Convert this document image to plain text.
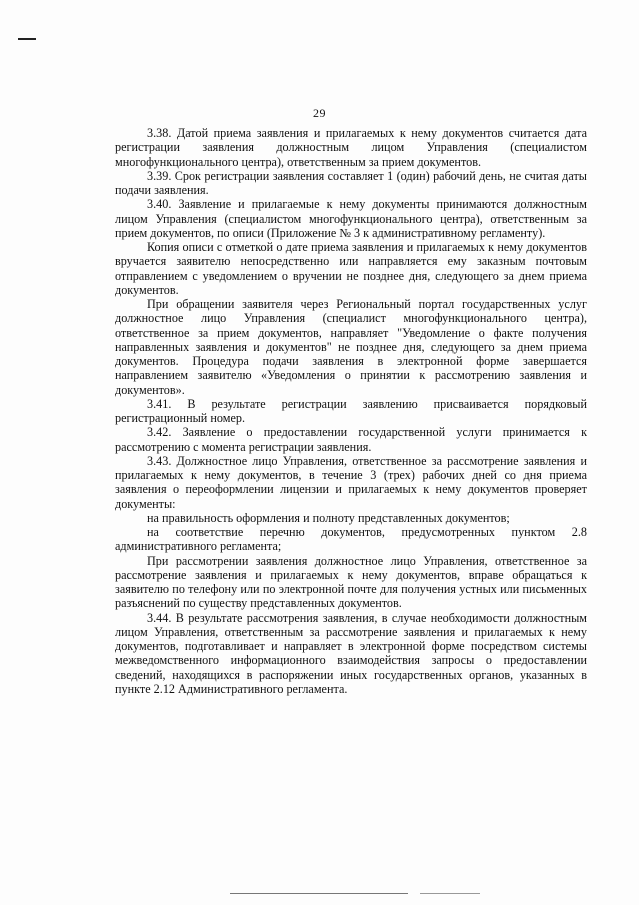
29

3.38. Датой приема заявления и прилагаемых к нему документов считается дата регистрации заявления должностным лицом Управления (специалистом многофункционального центра), ответственным за прием документов.

3.39. Срок регистрации заявления составляет 1 (один) рабочий день, не считая даты подачи заявления.

3.40. Заявление и прилагаемые к нему документы принимаются должностным лицом Управления (специалистом многофункционального центра), ответственным за прием документов, по описи (Приложение № 3 к административному регламенту).

Копия описи с отметкой о дате приема заявления и прилагаемых к нему документов вручается заявителю непосредственно или направляется ему заказным почтовым отправлением с уведомлением о вручении не позднее дня, следующего за днем приема документов.

При обращении заявителя через Региональный портал государственных услуг должностное лицо Управления (специалист многофункционального центра), ответственное за прием документов, направляет "Уведомление о факте получения направленных заявления и документов" не позднее дня, следующего за днем приема документов. Процедура подачи заявления в электронной форме завершается направлением заявителю «Уведомления о принятии к рассмотрению заявления и документов».

3.41. В результате регистрации заявлению присваивается порядковый регистрационный номер.

3.42. Заявление о предоставлении государственной услуги принимается к рассмотрению с момента регистрации заявления.

3.43. Должностное лицо Управления, ответственное за рассмотрение заявления и прилагаемых к нему документов, в течение 3 (трех) рабочих дней со дня приема заявления о переоформлении лицензии и прилагаемых к нему документов проверяет документы:

на правильность оформления и полноту представленных документов;

на соответствие перечню документов, предусмотренных пунктом 2.8 административного регламента;

При рассмотрении заявления должностное лицо Управления, ответственное за рассмотрение заявления и прилагаемых к нему документов, вправе обращаться к заявителю по телефону или по электронной почте для получения устных или письменных разъяснений по существу представленных документов.

3.44. В результате рассмотрения заявления, в случае необходимости должностным лицом Управления, ответственным за рассмотрение заявления и прилагаемых к нему документов, подготавливает и направляет в электронной форме посредством системы межведомственного информационного взаимодействия запросы о предоставлении сведений, находящихся в распоряжении иных государственных органов, указанных в пункте 2.12 Административного регламента.
